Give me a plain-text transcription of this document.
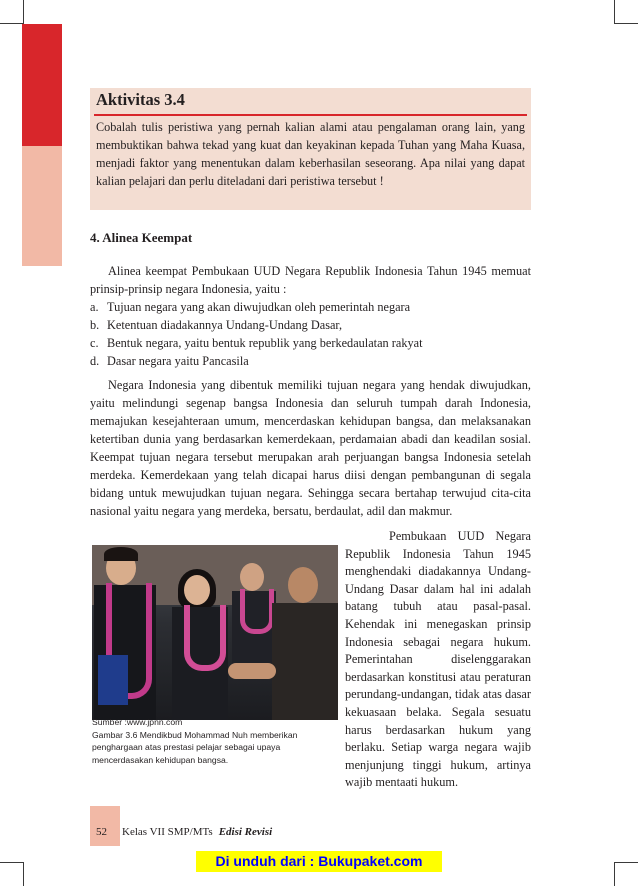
Aktivitas 3.4
Cobalah tulis peristiwa yang pernah kalian alami atau pengalaman orang lain, yang membuktikan bahwa tekad yang kuat dan keyakinan kepada Tuhan yang Maha Kuasa, menjadi faktor yang menentukan dalam keberhasilan seseorang. Apa nilai yang dapat kalian pelajari dan perlu diteladani dari peristiwa tersebut !
4. Alinea Keempat

Alinea keempat Pembukaan UUD Negara Republik Indonesia Tahun 1945 memuat prinsip-prinsip negara Indonesia, yaitu :

a. Tujuan negara yang akan diwujudkan oleh pemerintah negara
b. Ketentuan diadakannya Undang-Undang Dasar,
c. Bentuk negara, yaitu bentuk republik yang berkedaulatan rakyat
d. Dasar negara yaitu Pancasila

Negara Indonesia yang dibentuk memiliki tujuan negara yang hendak diwujudkan, yaitu melindungi segenap bangsa Indonesia dan seluruh tumpah darah Indonesia, memajukan kesejahteraan umum, mencerdaskan kehidupan bangsa, dan melaksanakan ketertiban dunia yang berdasarkan kemerdekaan, perdamaian abadi dan keadilan sosial. Keempat tujuan negara tersebut merupakan arah perjuangan bangsa Indonesia setelah merdeka. Kemerdekaan yang telah dicapai harus diisi dengan pembangunan di segala bidang untuk mewujudkan tujuan negara. Sehingga secara bertahap terwujud cita-cita nasional yaitu negara yang merdeka, bersatu, berdaulat, adil dan makmur.

Sumber :www.jpnn.com
Gambar 3.6 Mendikbud Mohammad Nuh memberikan penghargaan atas prestasi pelajar sebagai upaya mencerdasakan kehidupan bangsa.

Pembukaan UUD Negara Republik Indonesia Tahun 1945 menghendaki diadakannya Undang-Undang Dasar dalam hal ini adalah batang tubuh atau pasal-pasal. Kehendak ini menegaskan prinsip Indonesia sebagai negara hukum. Pemerintahan diselenggarakan berdasarkan konstitusi atau peraturan perundang-undangan, tidak atas dasar kekuasaan belaka. Segala sesuatu harus berdasarkan hukum yang berlaku. Setiap warga negara wajib menjunjung tinggi hukum, artinya wajib mentaati hukum.

52 Kelas VII SMP/MTs Edisi Revisi
Di unduh dari : Bukupaket.com
